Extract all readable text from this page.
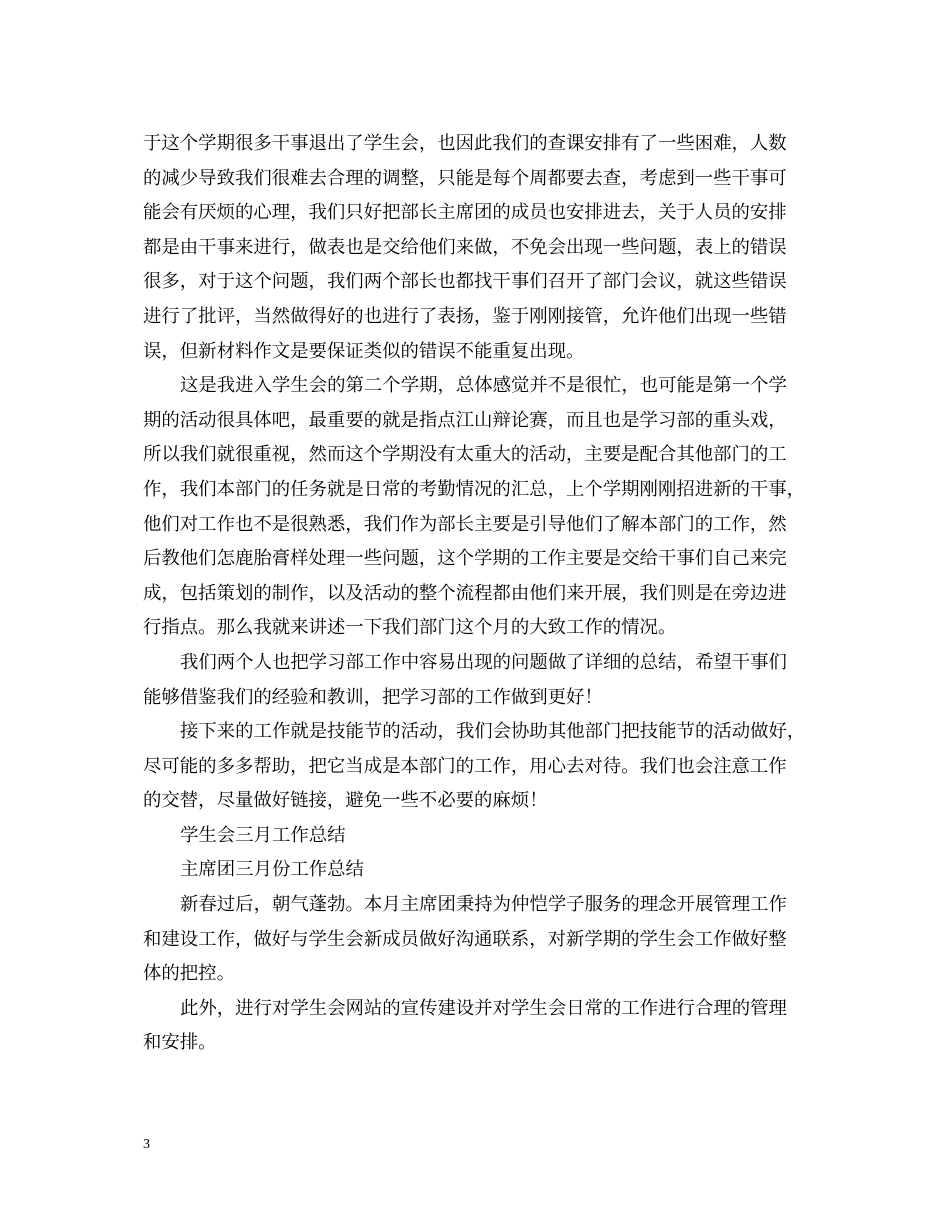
于这个学期很多干事退出了学生会，也因此我们的查课安排有了一些困难，人数
的减少导致我们很难去合理的调整，只能是每个周都要去查，考虑到一些干事可
能会有厌烦的心理，我们只好把部长主席团的成员也安排进去，关于人员的安排
都是由干事来进行，做表也是交给他们来做，不免会出现一些问题，表上的错误
很多，对于这个问题，我们两个部长也都找干事们召开了部门会议，就这些错误
进行了批评，当然做得好的也进行了表扬，鉴于刚刚接管，允许他们出现一些错
误，但新材料作文是要保证类似的错误不能重复出现。

这是我进入学生会的第二个学期，总体感觉并不是很忙，也可能是第一个学
期的活动很具体吧，最重要的就是指点江山辩论赛，而且也是学习部的重头戏，
所以我们就很重视，然而这个学期没有太重大的活动，主要是配合其他部门的工
作，我们本部门的任务就是日常的考勤情况的汇总，上个学期刚刚招进新的干事，
他们对工作也不是很熟悉，我们作为部长主要是引导他们了解本部门的工作，然
后教他们怎鹿胎膏样处理一些问题，这个学期的工作主要是交给干事们自己来完
成，包括策划的制作，以及活动的整个流程都由他们来开展，我们则是在旁边进
行指点。那么我就来讲述一下我们部门这个月的大致工作的情况。

我们两个人也把学习部工作中容易出现的问题做了详细的总结，希望干事们
能够借鉴我们的经验和教训，把学习部的工作做到更好！

接下来的工作就是技能节的活动，我们会协助其他部门把技能节的活动做好，
尽可能的多多帮助，把它当成是本部门的工作，用心去对待。我们也会注意工作
的交替，尽量做好链接，避免一些不必要的麻烦！

学生会三月工作总结

主席团三月份工作总结

新春过后，朝气蓬勃。本月主席团秉持为仲恺学子服务的理念开展管理工作
和建设工作，做好与学生会新成员做好沟通联系，对新学期的学生会工作做好整
体的把控。

此外，进行对学生会网站的宣传建设并对学生会日常的工作进行合理的管理
和安排。

3
